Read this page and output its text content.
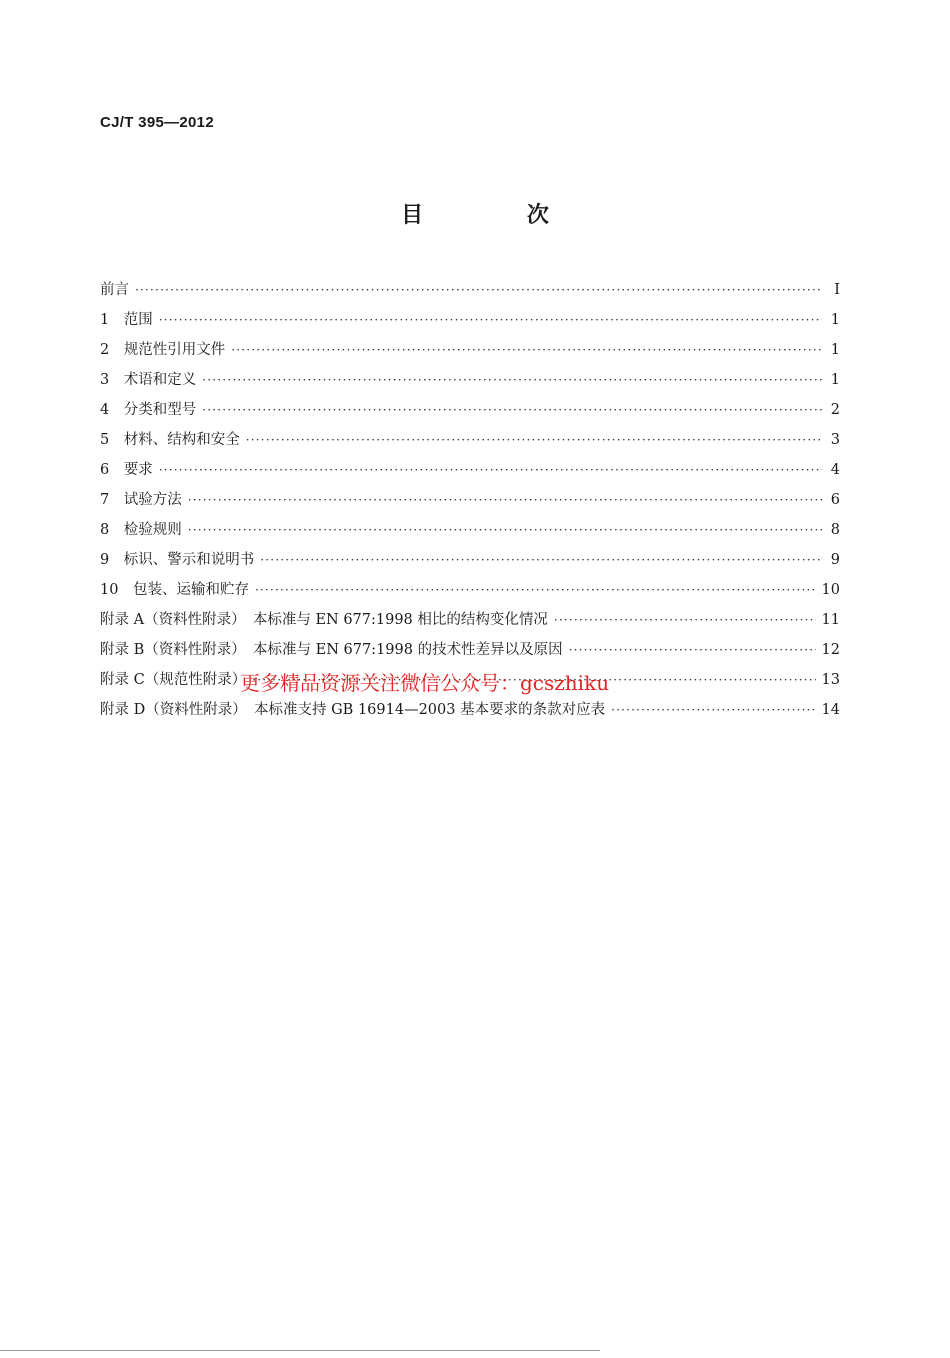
CJ/T 395—2012
目 次
前言 ·····	Ⅰ
1　范围 ·····	1
2　规范性引用文件 ·····	1
3　术语和定义 ·····	1
4　分类和型号 ·····	2
5　材料、结构和安全 ·····	3
6　要求 ·····	4
7　试验方法 ·····	6
8　检验规则 ·····	8
9　标识、警示和说明书 ·····	9
10　包装、运输和贮存 ·····	10
附录 A（资料性附录）　本标准与 EN 677:1998 相比的结构变化情况 ·····	11
附录 B（资料性附录）　本标准与 EN 677:1998 的技术性差异以及原因 ·····	12
附录 C（规范性附录） ·····	13
附录 D（资料性附录）　本标准支持 GB 16914—2003 基本要求的条款对应表 ·····	14
更多精品资源关注微信公众号：gcszhiku
